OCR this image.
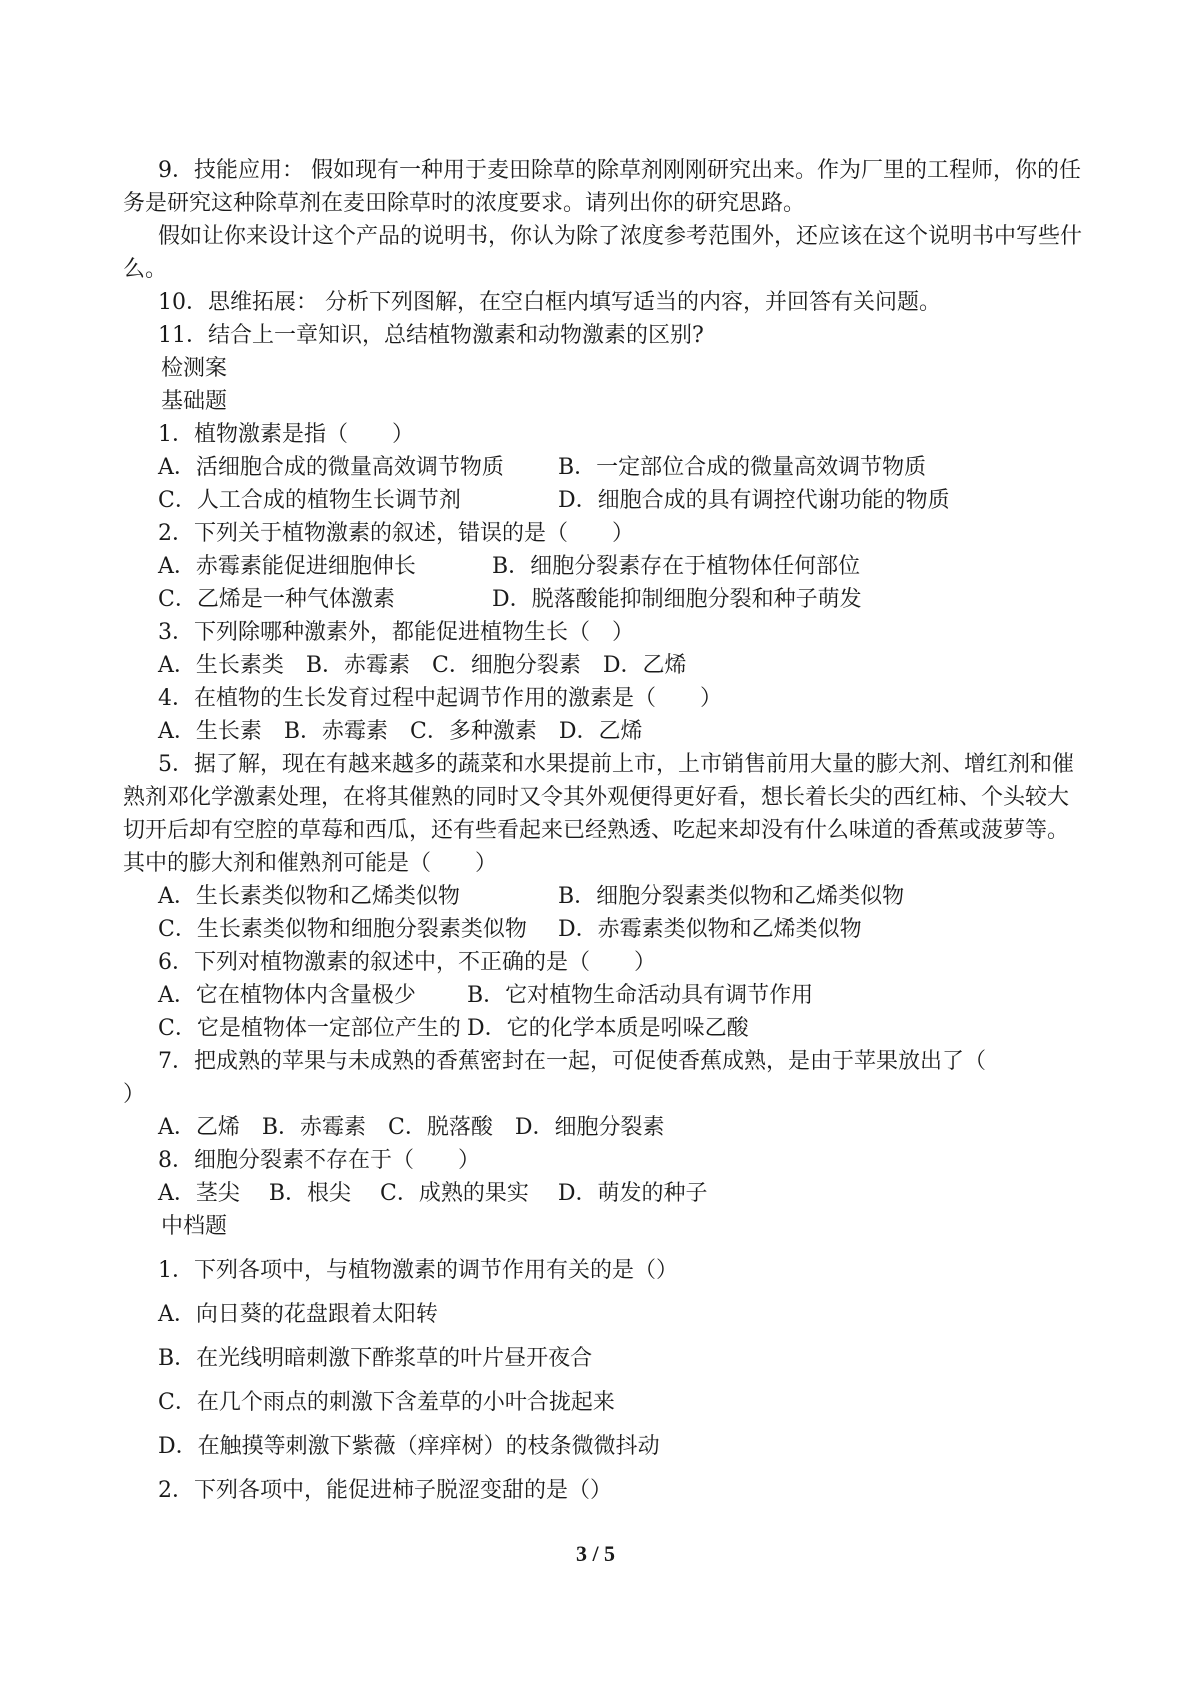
9．技能应用： 假如现有一种用于麦田除草的除草剂刚刚研究出来。作为厂里的工程师，你的任务是研究这种除草剂在麦田除草时的浓度要求。请列出你的研究思路。

假如让你来设计这个产品的说明书，你认为除了浓度参考范围外，还应该在这个说明书中写些什么。

10．思维拓展： 分析下列图解，在空白框内填写适当的内容，并回答有关问题。

11．结合上一章知识，总结植物激素和动物激素的区别?

检测案

基础题

1．植物激素是指（　　）

A．活细胞合成的微量高效调节物质 B．一定部位合成的微量高效调节物质
C．人工合成的植物生长调节剂	D．细胞合成的具有调控代谢功能的物质

2．下列关于植物激素的叙述，错误的是（　　）

A．赤霉素能促进细胞伸长	B．细胞分裂素存在于植物体任何部位
C．乙烯是一种气体激素	D．脱落酸能抑制细胞分裂和种子萌发

3．下列除哪种激素外，都能促进植物生长（　）

A．生长素类　B．赤霉素　C．细胞分裂素　D．乙烯

4．在植物的生长发育过程中起调节作用的激素是（　　）

A．生长素　B．赤霉素　C．多种激素　D．乙烯

5．据了解，现在有越来越多的蔬菜和水果提前上市，上市销售前用大量的膨大剂、增红剂和催熟剂邓化学激素处理，在将其催熟的同时又令其外观便得更好看，想长着长尖的西红柿、个头较大切开后却有空腔的草莓和西瓜，还有些看起来已经熟透、吃起来却没有什么味道的香蕉或菠萝等。其中的膨大剂和催熟剂可能是（　　）

A．生长素类似物和乙烯类似物	B．细胞分裂素类似物和乙烯类似物
C．生长素类似物和细胞分裂素类似物 D．赤霉素类似物和乙烯类似物

6．下列对植物激素的叙述中，不正确的是（　　）

A．它在植物体内含量极少 B．它对植物生命活动具有调节作用
C．它是植物体一定部位产生的 D．它的化学本质是吲哚乙酸

7．把成熟的苹果与未成熟的香蕉密封在一起，可促使香蕉成熟，是由于苹果放出了（

）

A．乙烯　B．赤霉素　C．脱落酸　D．细胞分裂素

8．细胞分裂素不存在于（　　）

A．茎尖　 B．根尖　 C．成熟的果实　 D．萌发的种子

中档题

1．下列各项中，与植物激素的调节作用有关的是（）

A．向日葵的花盘跟着太阳转

B．在光线明暗刺激下酢浆草的叶片昼开夜合

C．在几个雨点的刺激下含羞草的小叶合拢起来

D．在触摸等刺激下紫薇（痒痒树）的枝条微微抖动

2．下列各项中，能促进柿子脱涩变甜的是（）

3 / 5
